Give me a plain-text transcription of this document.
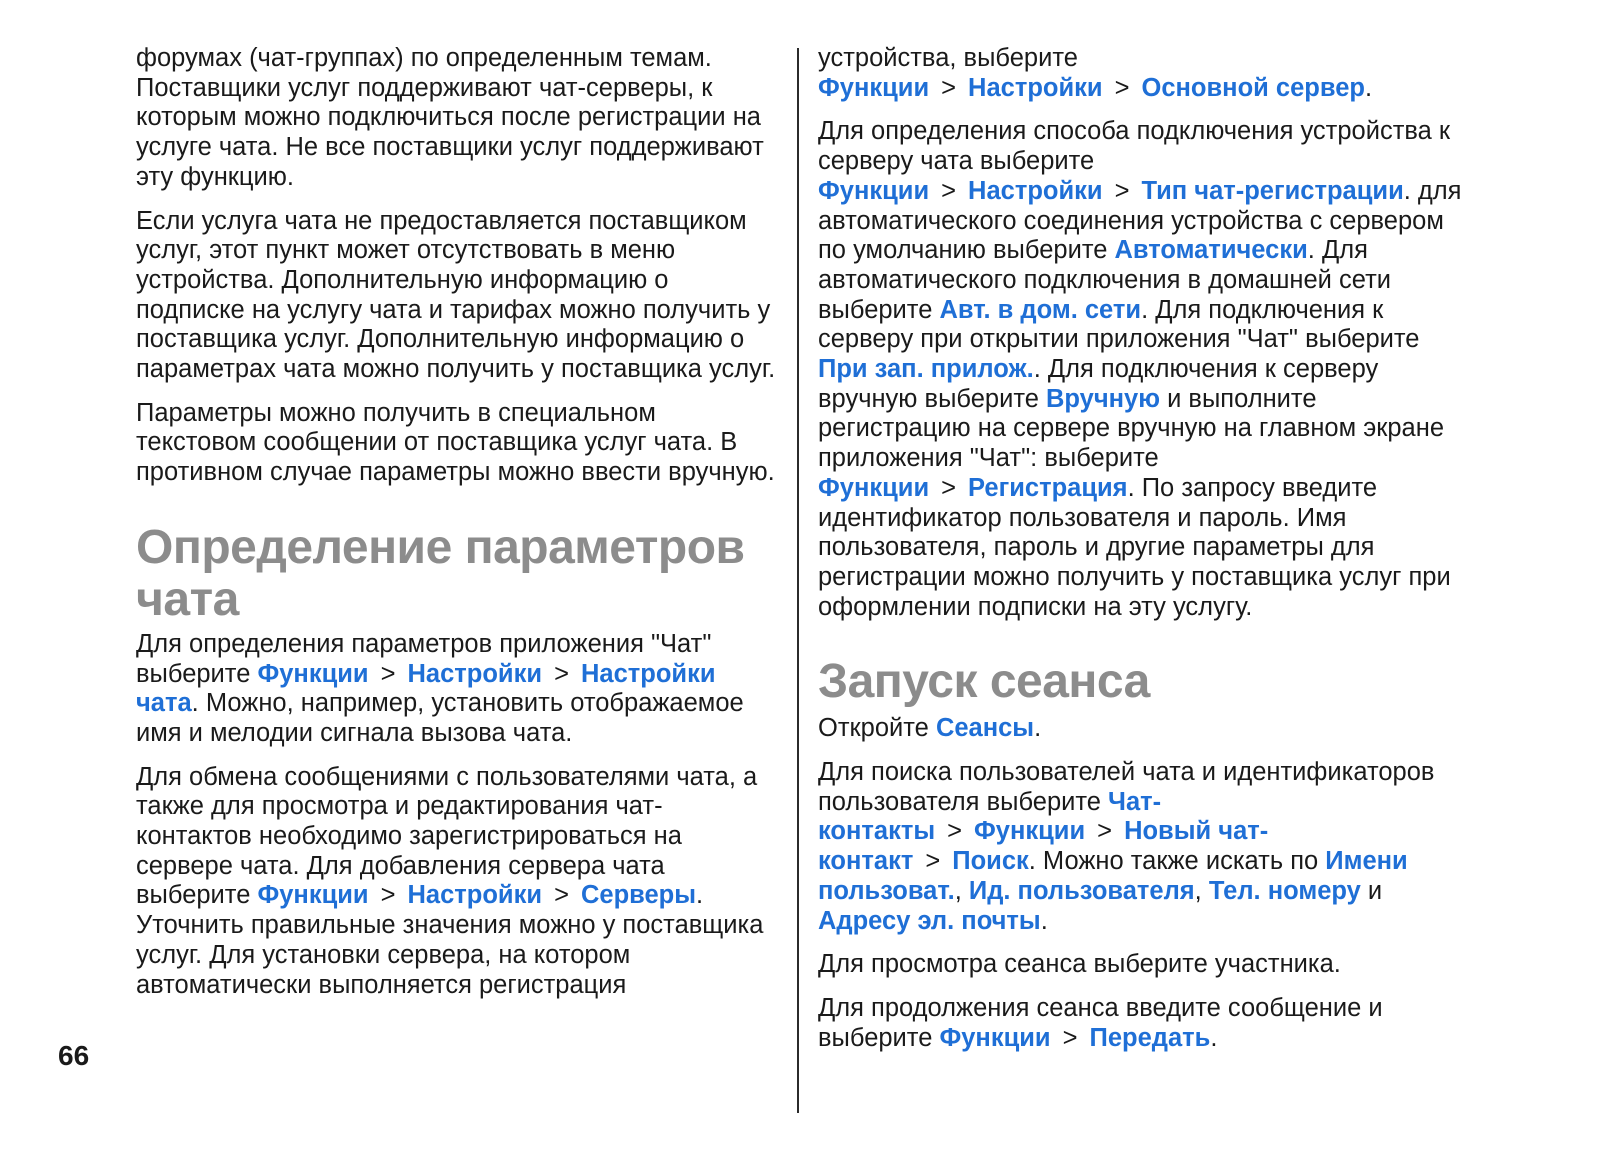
форумах (чат-группах) по определенным темам. Поставщики услуг поддерживают чат-серверы, к которым можно подключиться после регистрации на услуге чата. Не все поставщики услуг поддерживают эту функцию.

Если услуга чата не предоставляется поставщиком услуг, этот пункт может отсутствовать в меню устройства. Дополнительную информацию о подписке на услугу чата и тарифах можно получить у поставщика услуг. Дополнительную информацию о параметрах чата можно получить у поставщика услуг.

Параметры можно получить в специальном текстовом сообщении от поставщика услуг чата. В противном случае параметры можно ввести вручную.

Определение параметров чата

Для определения параметров приложения "Чат" выберите Функции > Настройки > Настройки чата. Можно, например, установить отображаемое имя и мелодии сигнала вызова чата.

Для обмена сообщениями с пользователями чата, а также для просмотра и редактирования чат-контактов необходимо зарегистрироваться на сервере чата. Для добавления сервера чата выберите Функции > Настройки > Серверы. Уточнить правильные значения можно у поставщика услуг. Для установки сервера, на котором автоматически выполняется регистрация

устройства, выберите Функции > Настройки > Основной сервер.

Для определения способа подключения устройства к серверу чата выберите Функции > Настройки > Тип чат-регистрации. для автоматического соединения устройства с сервером по умолчанию выберите Автоматически. Для автоматического подключения в домашней сети выберите Авт. в дом. сети. Для подключения к серверу при открытии приложения "Чат" выберите При зап. прилож.. Для подключения к серверу вручную выберите Вручную и выполните регистрацию на сервере вручную на главном экране приложения "Чат": выберите Функции > Регистрация. По запросу введите идентификатор пользователя и пароль. Имя пользователя, пароль и другие параметры для регистрации можно получить у поставщика услуг при оформлении подписки на эту услугу.

Запуск сеанса

Откройте Сеансы.

Для поиска пользователей чата и идентификаторов пользователя выберите Чат-контакты > Функции > Новый чат-контакт > Поиск. Можно также искать по Имени пользоват., Ид. пользователя, Тел. номеру и Адресу эл. почты.

Для просмотра сеанса выберите участника.

Для продолжения сеанса введите сообщение и выберите Функции > Передать.

66
